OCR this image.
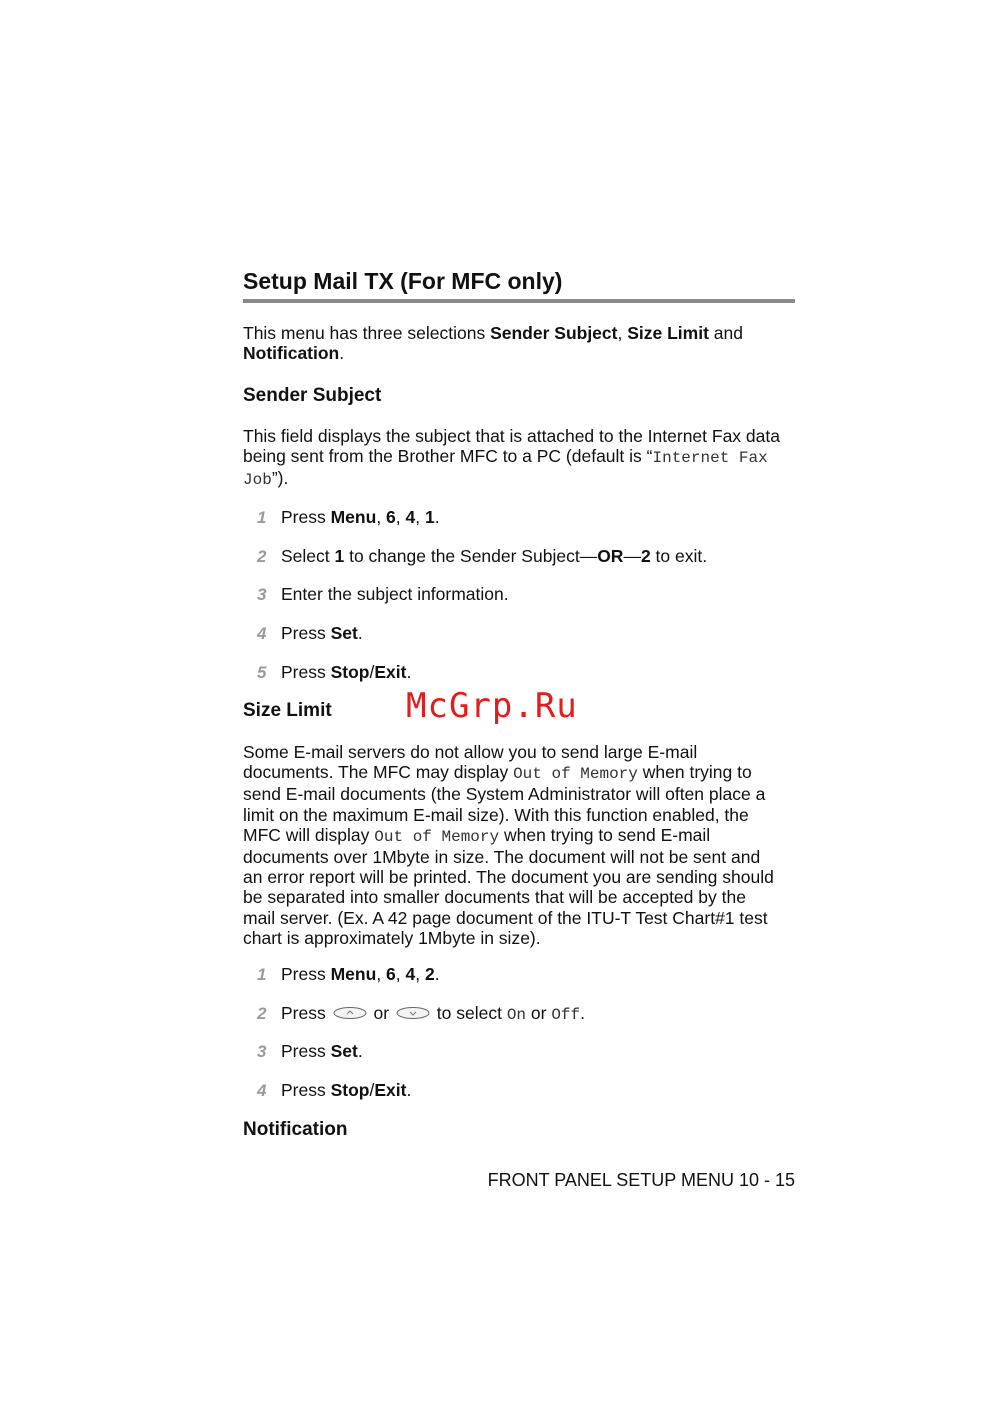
Setup Mail TX (For MFC only)

This menu has three selections Sender Subject, Size Limit and
Notification.

Sender Subject

This field displays the subject that is attached to the Internet Fax data
being sent from the Brother MFC to a PC (default is “Internet Fax
Job”).

1 Press Menu, 6, 4, 1.
2 Select 1 to change the Sender Subject—OR—2 to exit.
3 Enter the subject information.
4 Press Set.
5 Press Stop/Exit.
Size Limit

Some E-mail servers do not allow you to send large E-mail
documents. The MFC may display Out of Memory when trying to
send E-mail documents (the System Administrator will often place a
limit on the maximum E-mail size). With this function enabled, the
MFC will display Out of Memory when trying to send E-mail
documents over 1Mbyte in size. The document will not be sent and
an error report will be printed. The document you are sending should
be separated into smaller documents that will be accepted by the
mail server. (Ex. A 42 page document of the ITU-T Test Chart#1 test
chart is approximately 1Mbyte in size).

1 Press Menu, 6, 4, 2.
2 Press  or  to select On or Off.
3 Press Set.
4 Press Stop/Exit.
Notification
FRONT PANEL SETUP MENU 10 - 15
McGrp.Ru
